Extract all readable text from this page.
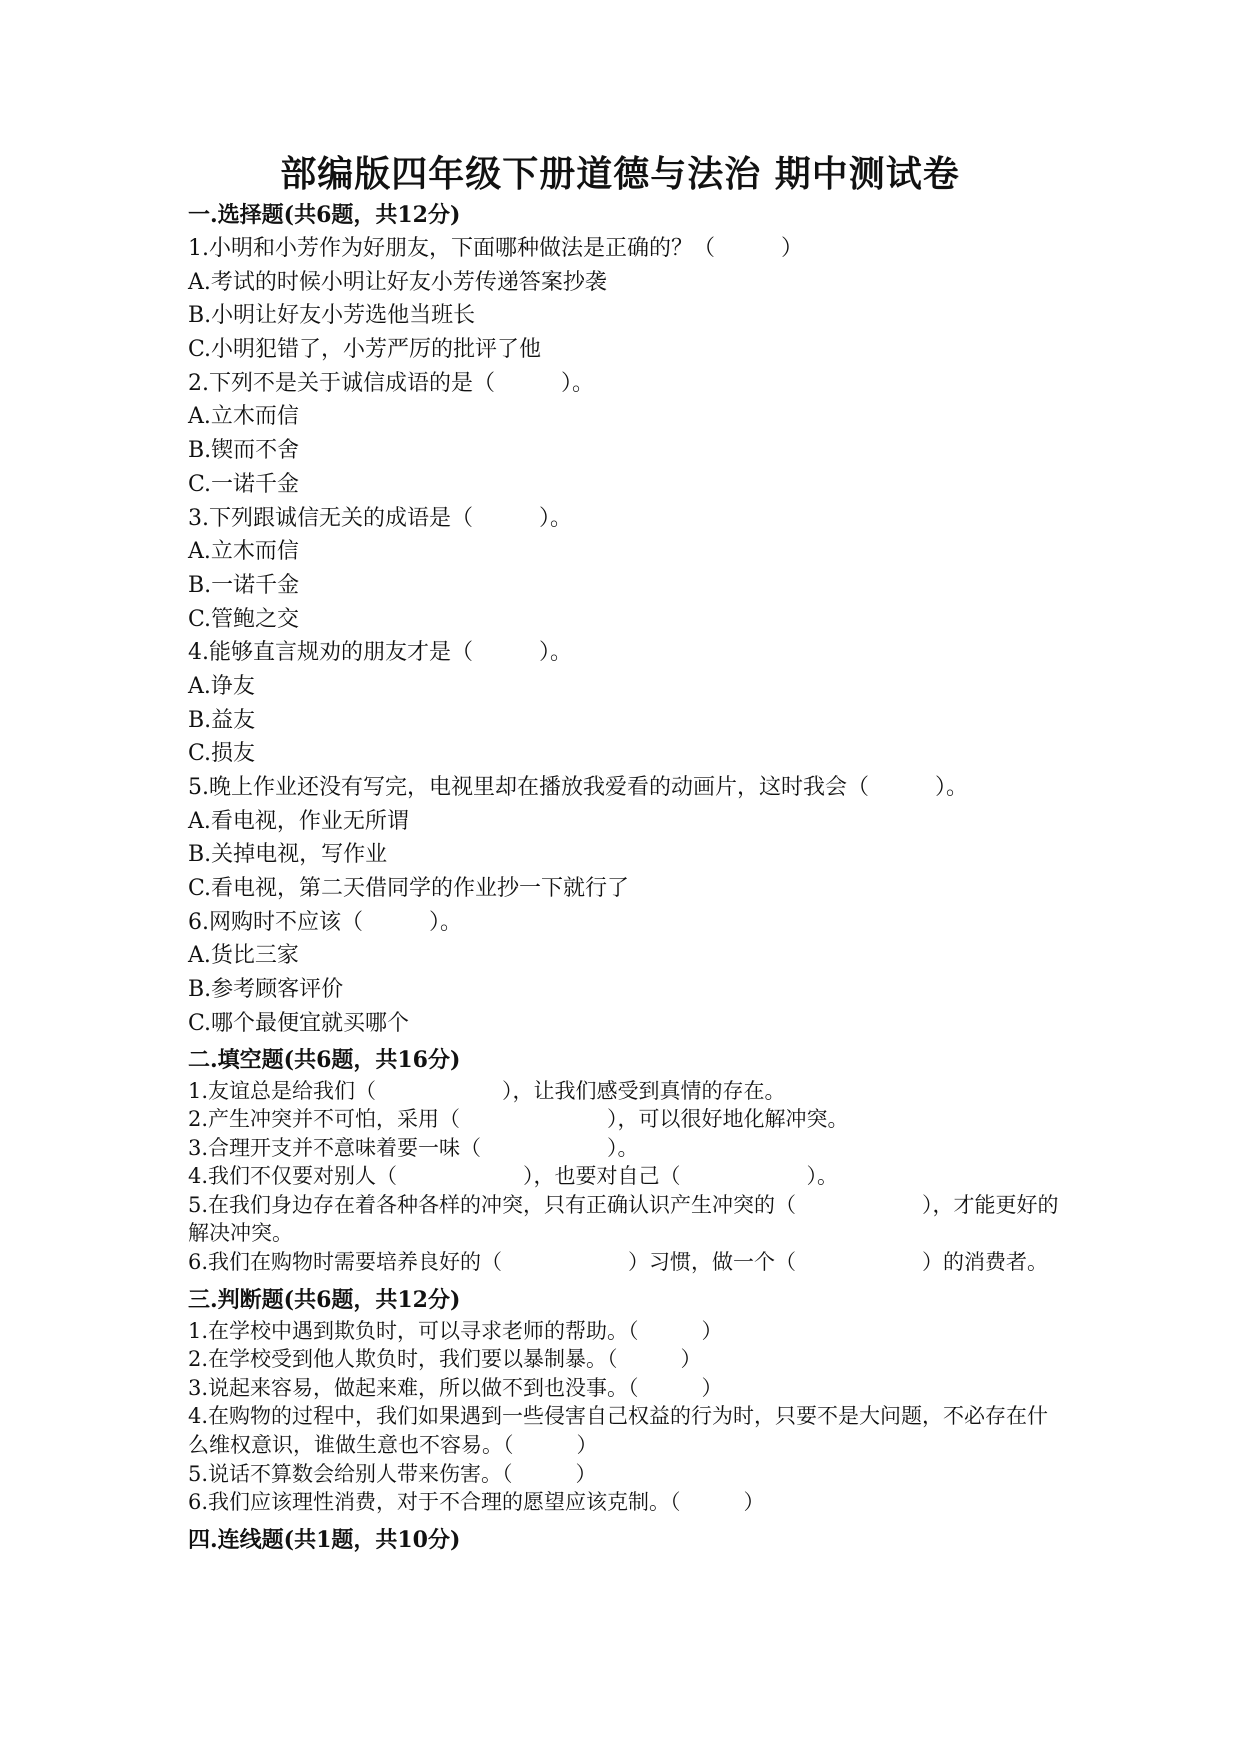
部编版四年级下册道德与法治 期中测试卷
一.选择题(共6题，共12分)
1.小明和小芳作为好朋友，下面哪种做法是正确的？（　　　）
A.考试的时候小明让好友小芳传递答案抄袭
B.小明让好友小芳选他当班长
C.小明犯错了，小芳严厉的批评了他
2.下列不是关于诚信成语的是（　　　）。
A.立木而信
B.锲而不舍
C.一诺千金
3.下列跟诚信无关的成语是（　　　）。
A.立木而信
B.一诺千金
C.管鲍之交
4.能够直言规劝的朋友才是（　　　）。
A.诤友
B.益友
C.损友
5.晚上作业还没有写完，电视里却在播放我爱看的动画片，这时我会（　　　）。
A.看电视，作业无所谓
B.关掉电视，写作业
C.看电视，第二天借同学的作业抄一下就行了
6.网购时不应该（　　　）。
A.货比三家
B.参考顾客评价
C.哪个最便宜就买哪个
二.填空题(共6题，共16分)
1.友谊总是给我们（　　　　　　），让我们感受到真情的存在。
2.产生冲突并不可怕，采用（　　　　　　　），可以很好地化解冲突。
3.合理开支并不意味着要一味（　　　　　　）。
4.我们不仅要对别人（　　　　　　），也要对自己（　　　　　　）。
5.在我们身边存在着各种各样的冲突，只有正确认识产生冲突的（　　　　　　），才能更好的解决冲突。
6.我们在购物时需要培养良好的（　　　　　　）习惯，做一个（　　　　　　）的消费者。
三.判断题(共6题，共12分)
1.在学校中遇到欺负时，可以寻求老师的帮助。（　　　）
2.在学校受到他人欺负时，我们要以暴制暴。（　　　）
3.说起来容易，做起来难，所以做不到也没事。（　　　）
4.在购物的过程中，我们如果遇到一些侵害自己权益的行为时，只要不是大问题，不必存在什么维权意识，谁做生意也不容易。（　　　）
5.说话不算数会给别人带来伤害。（　　　）
6.我们应该理性消费，对于不合理的愿望应该克制。（　　　）
四.连线题(共1题，共10分)
